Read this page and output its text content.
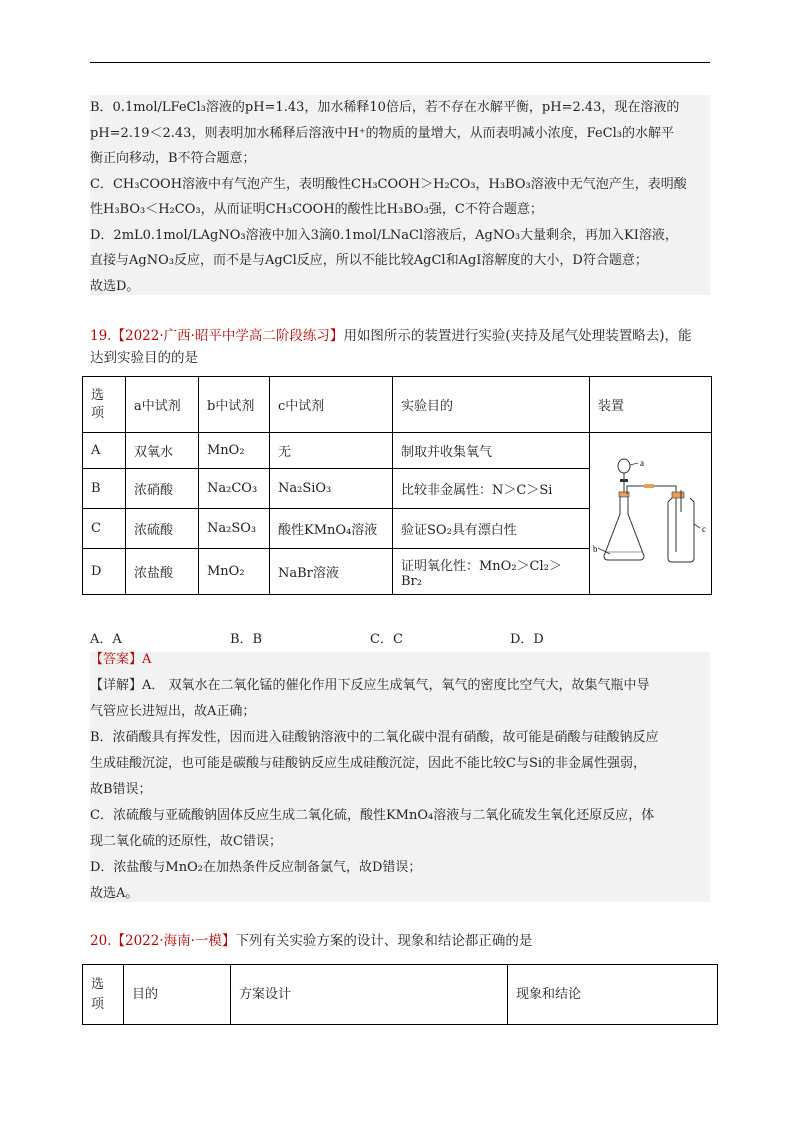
B．0.1mol/LFeCl₃溶液的pH=1.43，加水稀释10倍后，若不存在水解平衡，pH=2.43，现在溶液的
pH=2.19＜2.43，则表明加水稀释后溶液中H⁺的物质的量增大，从而表明减小浓度，FeCl₃的水解平
衡正向移动，B不符合题意；
C．CH₃COOH溶液中有气泡产生，表明酸性CH₃COOH＞H₂CO₃，H₃BO₃溶液中无气泡产生，表明酸
性H₃BO₃＜H₂CO₃，从而证明CH₃COOH的酸性比H₃BO₃强，C不符合题意；
D．2mL0.1mol/LAgNO₃溶液中加入3滴0.1mol/LNaCl溶液后，AgNO₃大量剩余，再加入KI溶液，
直接与AgNO₃反应，而不是与AgCl反应，所以不能比较AgCl和AgI溶解度的大小，D符合题意；
故选D。
19.【2022·广西·昭平中学高二阶段练习】用如图所示的装置进行实验(夹持及尾气处理装置略去)，能
达到实验目的的是
选
项	a中试剂	b中试剂	c中试剂	实验目的	装置
A	双氧水	MnO₂	无	制取并收集氧气	a
b
c

B	浓硝酸	Na₂CO₃	Na₂SiO₃	比较非金属性：N＞C＞Si	
C	浓硫酸	Na₂SO₃	酸性KMnO₄溶液	验证SO₂具有漂白性	
D	浓盐酸	MnO₂	NaBr溶液	证明氧化性：MnO₂＞Cl₂＞Br₂	
A．A	B．B	C．C	D．D
【答案】A
【详解】A． 双氧水在二氧化锰的催化作用下反应生成氧气，氧气的密度比空气大，故集气瓶中导
气管应长进短出，故A正确；
B．浓硝酸具有挥发性，因而进入硅酸钠溶液中的二氧化碳中混有硝酸，故可能是硝酸与硅酸钠反应
生成硅酸沉淀，也可能是碳酸与硅酸钠反应生成硅酸沉淀，因此不能比较C与Si的非金属性强弱，
故B错误；
C．浓硫酸与亚硫酸钠固体反应生成二氧化硫，酸性KMnO₄溶液与二氧化硫发生氧化还原反应，体
现二氧化硫的还原性，故C错误；
D．浓盐酸与MnO₂在加热条件反应制备氯气，故D错误；
故选A。
20.【2022·海南·一模】下列有关实验方案的设计、现象和结论都正确的是
选
项	目的	方案设计	现象和结论
